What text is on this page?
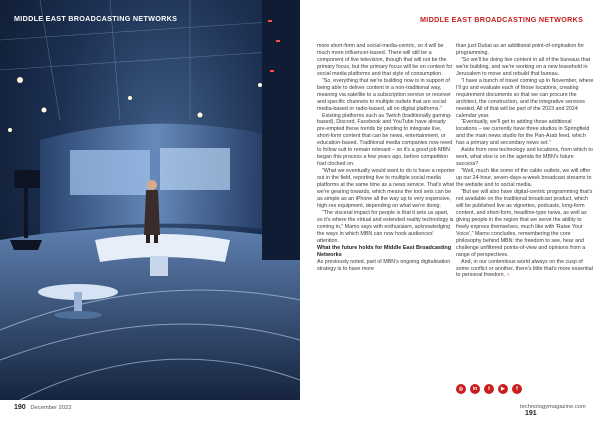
MIDDLE EAST BROADCASTING NETWORKS	MIDDLE EAST BROADCASTING NETWORKS

more short-form and social-media-centric, so it will be much more influencer-based. There will still be a component of live television, though that will not be the primary focus, but the primary focus will be on content for social media platforms and that style of consumption.

“So, everything that we're building now is in support of being able to deliver content in a non-traditional way, meaning via satellite to a subscription service or receiver and specific channels to multiple outlets that are social media-based or radio-based, all on digital platforms.”

Existing platforms such as Twitch (traditionally gaming-based), Discord, Facebook and YouTube have already pre-empted these trends by pivoting to integrate live, short-form content that can be news, entertainment, or education-based. Traditional media companies now need to follow suit to remain relevant – so it's a good job MBN began this process a few years ago, before competition had clocked on.

“What we eventually would want to do is have a reporter out in the field, reporting live to multiple social media platforms at the same time as a news service. That's what we're gearing towards, which means the tool sets can be as simple as an iPhone all the way up to very expensive, high-res equipment, depending on what we're doing.

“The visceral impact for people is that it sets us apart, so it's where the virtual and extended reality technology is coming in,” Mamo says with enthusiasm, acknowledging the ways in which MBN can now hook audiences' attention.

What the future holds for Middle East Broadcasting Networks

As previously noted, part of MBN's ongoing digitalisation strategy is to have more

than just Dubai as an additional point-of-origination for programming.

“So we'll be doing live content in all of the bureaus that we're building, and we're working on a new leasehold in Jerusalem to move and rebuild that bureau.

“I have a bunch of travel coming up in November, where I'll go and evaluate each of those locations, creating requirement documents so that we can procure the architect, the construction, and the integrative services needed. All of that will be part of the 2023 and 2024 calendar year.

“Eventually, we'll get to adding those additional locations – we currently have three studios in Springfield and the main news studio for the Pan-Arab feed, which has a primary and secondary news set.”

Aside from new technology and locations, from which to work, what else is on the agenda for MBN's future success?

“Well, much like some of the cable outlets, we will offer up our 24-hour, seven-days-a-week broadcast streams to the website and to social media.

“But we will also have digital-centric programming that's not available on the traditional broadcast product, which will be published live as vignettes, podcasts, long-form content, and short-form, headline-type news, as well as giving people in the region that we serve the ability to freely express themselves, much like with 'Raise Your Voice',” Mamo concludes, remembering the core philosophy behind MBN: the freedom to see, hear and challenge unfiltered points-of-view and opinions from a range of perspectives.

And, in our contentious world always on the cusp of some conflict or another, there's little that's more essential to personal freedom. ○

◎	in	t	▶	f
190 December 2022	technologymagazine.com 191
